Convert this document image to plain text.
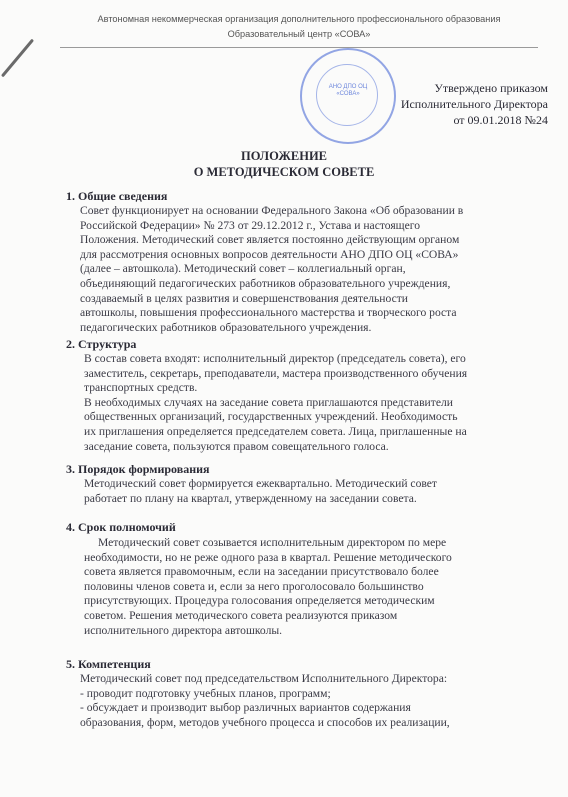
Автономная некоммерческая организация дополнительного профессионального образования
Образовательный центр «СОВА»
АНО ДПО ОЦ «СОВА»	Утверждено приказом
Исполнительного Директора
от 09.01.2018 №24
ПОЛОЖЕНИЕ
О МЕТОДИЧЕСКОМ СОВЕТЕ
1. Общие сведения
Совет функционирует на основании Федерального Закона «Об образовании в
Российской Федерации» № 273 от 29.12.2012 г., Устава и настоящего
Положения. Методический совет является постоянно действующим органом
для рассмотрения основных вопросов деятельности АНО ДПО ОЦ «СОВА»
(далее – автошкола). Методический совет – коллегиальный орган,
объединяющий педагогических работников образовательного учреждения,
создаваемый в целях развития и совершенствования деятельности
автошколы, повышения профессионального мастерства и творческого роста
педагогических работников образовательного учреждения.
2. Структура
В состав совета входят: исполнительный директор (председатель совета), его
заместитель, секретарь, преподаватели, мастера производственного обучения
транспортных средств.
В необходимых случаях на заседание совета приглашаются представители
общественных организаций, государственных учреждений. Необходимость
их приглашения определяется председателем совета. Лица, приглашенные на
заседание совета, пользуются правом совещательного голоса.
3. Порядок формирования
Методический совет формируется ежеквартально. Методический совет
работает по плану на квартал, утвержденному на заседании совета.
4. Срок полномочий
Методический совет созывается исполнительным директором по мере
необходимости, но не реже одного раза в квартал. Решение методического
совета является правомочным, если на заседании присутствовало более
половины членов совета и, если за него проголосовало большинство
присутствующих. Процедура голосования определяется методическим
советом. Решения методического совета реализуются приказом
исполнительного директора автошколы.
5. Компетенция
Методический совет под председательством Исполнительного Директора:
- проводит подготовку учебных планов, программ;
- обсуждает и производит выбор различных вариантов содержания
образования, форм, методов учебного процесса и способов их реализации,
